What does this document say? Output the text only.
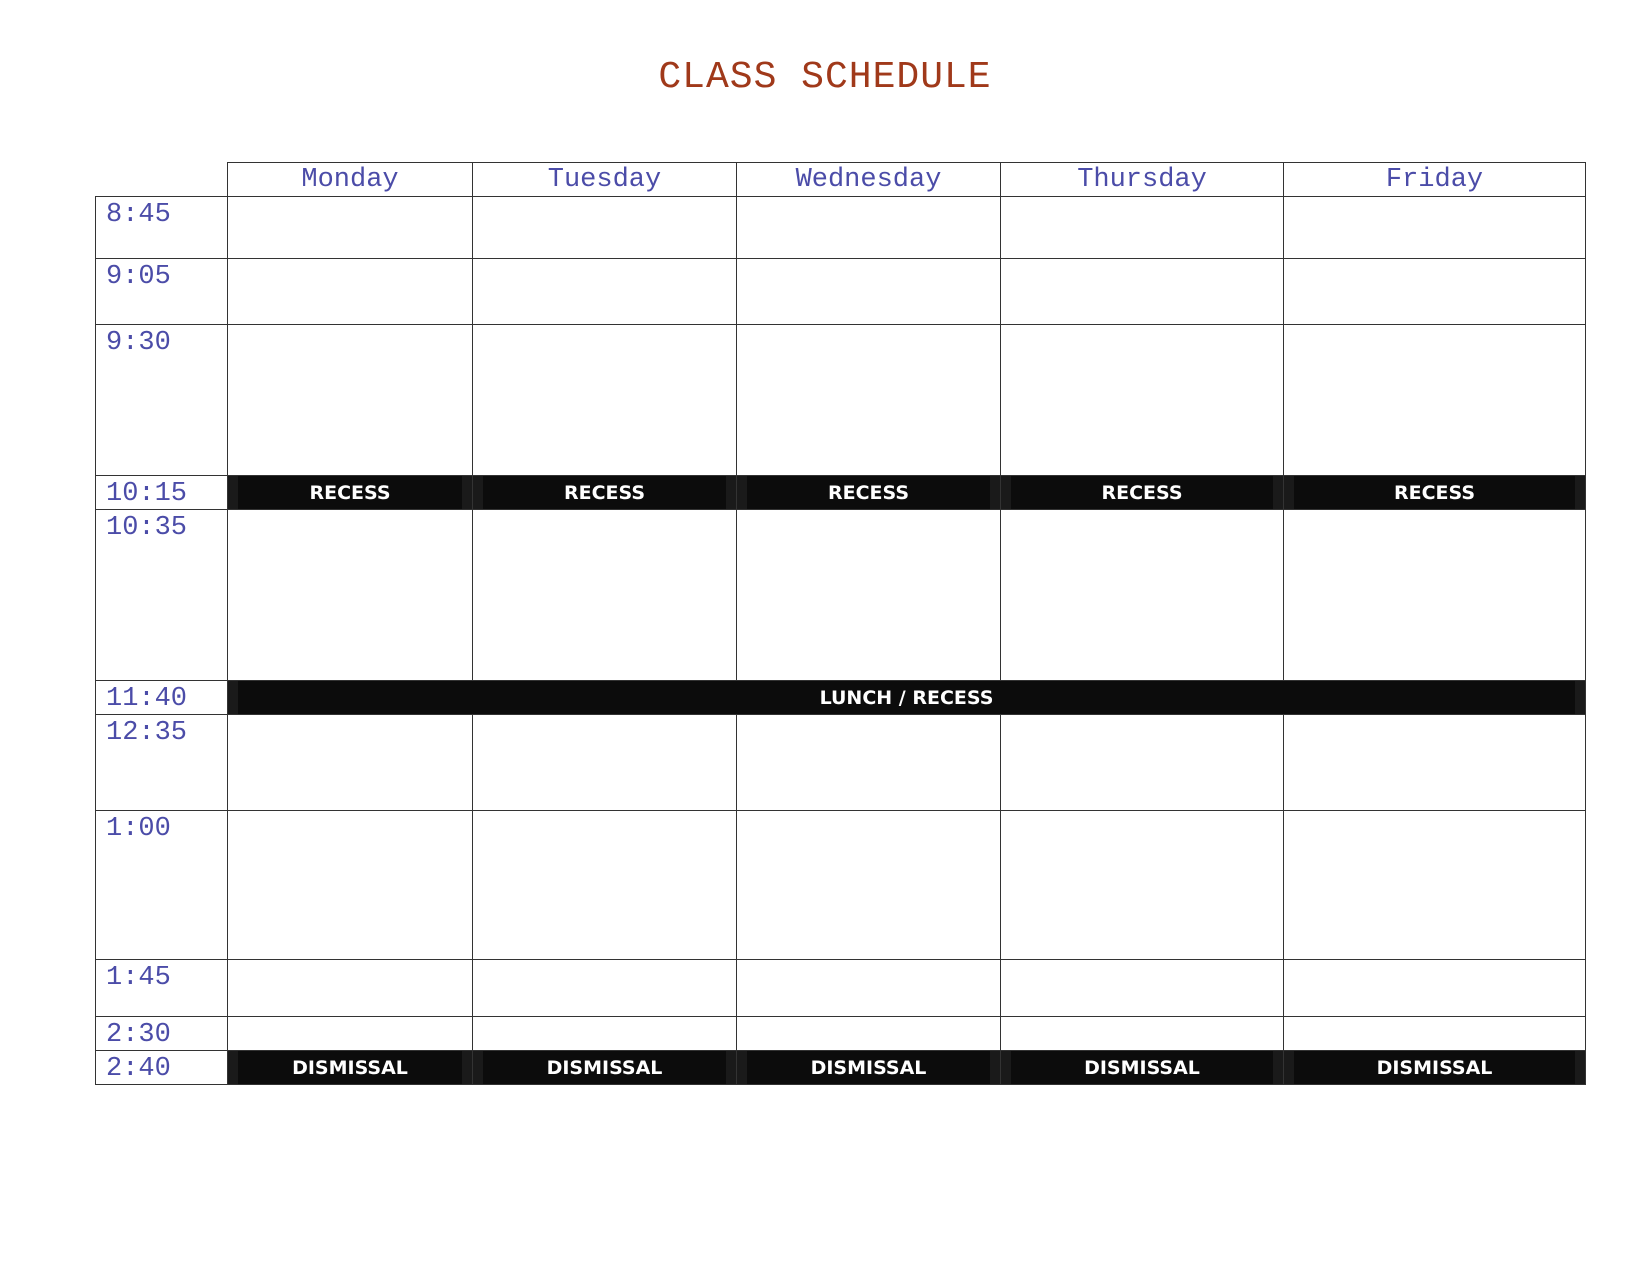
CLASS SCHEDULE
	Monday	Tuesday	Wednesday	Thursday	Friday
8:45					
9:05					
9:30					
10:15	RECESS	RECESS	RECESS	RECESS	RECESS
10:35					
11:40	LUNCH / RECESS				
12:35					
1:00					
1:45					
2:30					
2:40	DISMISSAL	DISMISSAL	DISMISSAL	DISMISSAL	DISMISSAL
